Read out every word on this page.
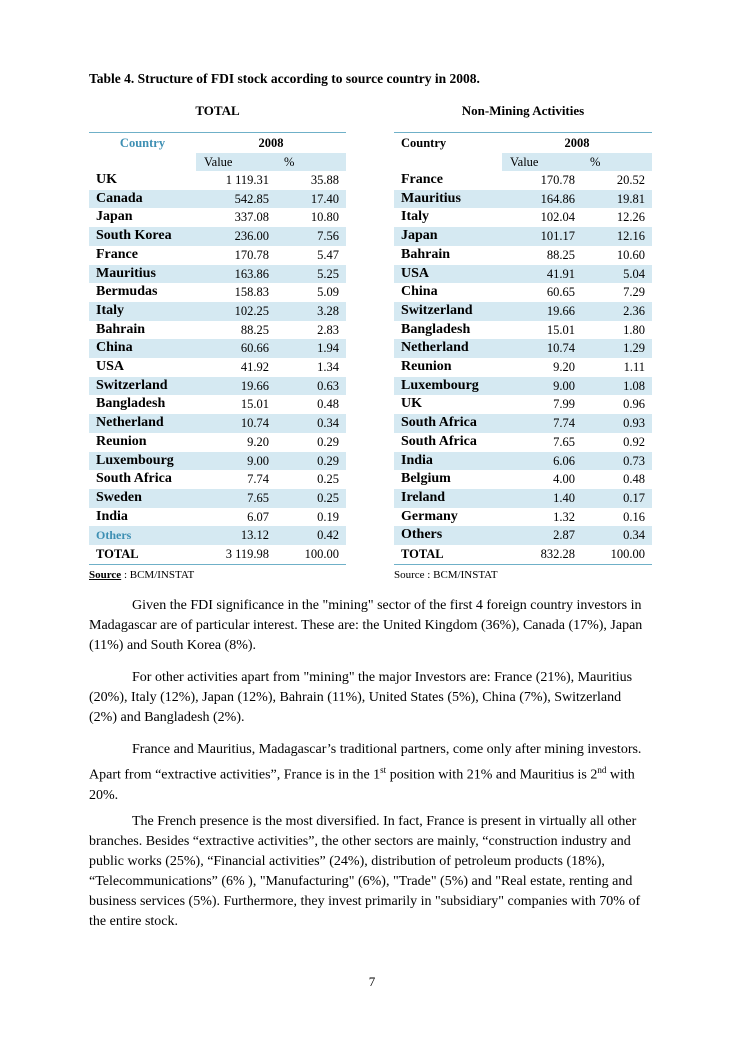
Table 4. Structure of FDI stock according to source country in 2008.
TOTAL	Non-Mining Activities
Country	2008	
	Value	%
UK	1 119.31	35.88
Canada	542.85	17.40
Japan	337.08	10.80
South Korea	236.00	7.56
France	170.78	5.47
Mauritius	163.86	5.25
Bermudas	158.83	5.09
Italy	102.25	3.28
Bahrain	88.25	2.83
China	60.66	1.94
USA	41.92	1.34
Switzerland	19.66	0.63
Bangladesh	15.01	0.48
Netherland	10.74	0.34
Reunion	9.20	0.29
Luxembourg	9.00	0.29
South Africa	7.74	0.25
Sweden	7.65	0.25
India	6.07	0.19
Others	13.12	0.42
TOTAL	3 119.98	100.00
Country	2008	
	Value	%
France	170.78	20.52
Mauritius	164.86	19.81
Italy	102.04	12.26
Japan	101.17	12.16
Bahrain	88.25	10.60
USA	41.91	5.04
China	60.65	7.29
Switzerland	19.66	2.36
Bangladesh	15.01	1.80
Netherland	10.74	1.29
Reunion	9.20	1.11
Luxembourg	9.00	1.08
UK	7.99	0.96
South Africa	7.74	0.93
South Africa	7.65	0.92
India	6.06	0.73
Belgium	4.00	0.48
Ireland	1.40	0.17
Germany	1.32	0.16
Others	2.87	0.34
TOTAL	832.28	100.00
Source : BCM/INSTAT	Source : BCM/INSTAT
Given the FDI significance in the "mining" sector of the first 4 foreign country investors in Madagascar are of particular interest. These are: the United Kingdom (36%), Canada (17%), Japan (11%) and South Korea (8%).
For other activities apart from "mining" the major Investors are: France (21%), Mauritius (20%), Italy (12%), Japan (12%), Bahrain (11%), United States (5%), China (7%), Switzerland (2%) and Bangladesh (2%).
France and Mauritius, Madagascar’s traditional partners, come only after mining investors. Apart from “extractive activities”, France is in the 1st position with 21% and Mauritius is 2nd with 20%.
The French presence is the most diversified. In fact, France is present in virtually all other branches. Besides “extractive activities”, the other sectors are mainly, “construction industry and public works (25%), “Financial activities” (24%), distribution of petroleum products (18%), “Telecommunications” (6% ), "Manufacturing" (6%), "Trade" (5%) and "Real estate, renting and business services (5%). Furthermore, they invest primarily in "subsidiary" companies with 70% of the entire stock.
7
